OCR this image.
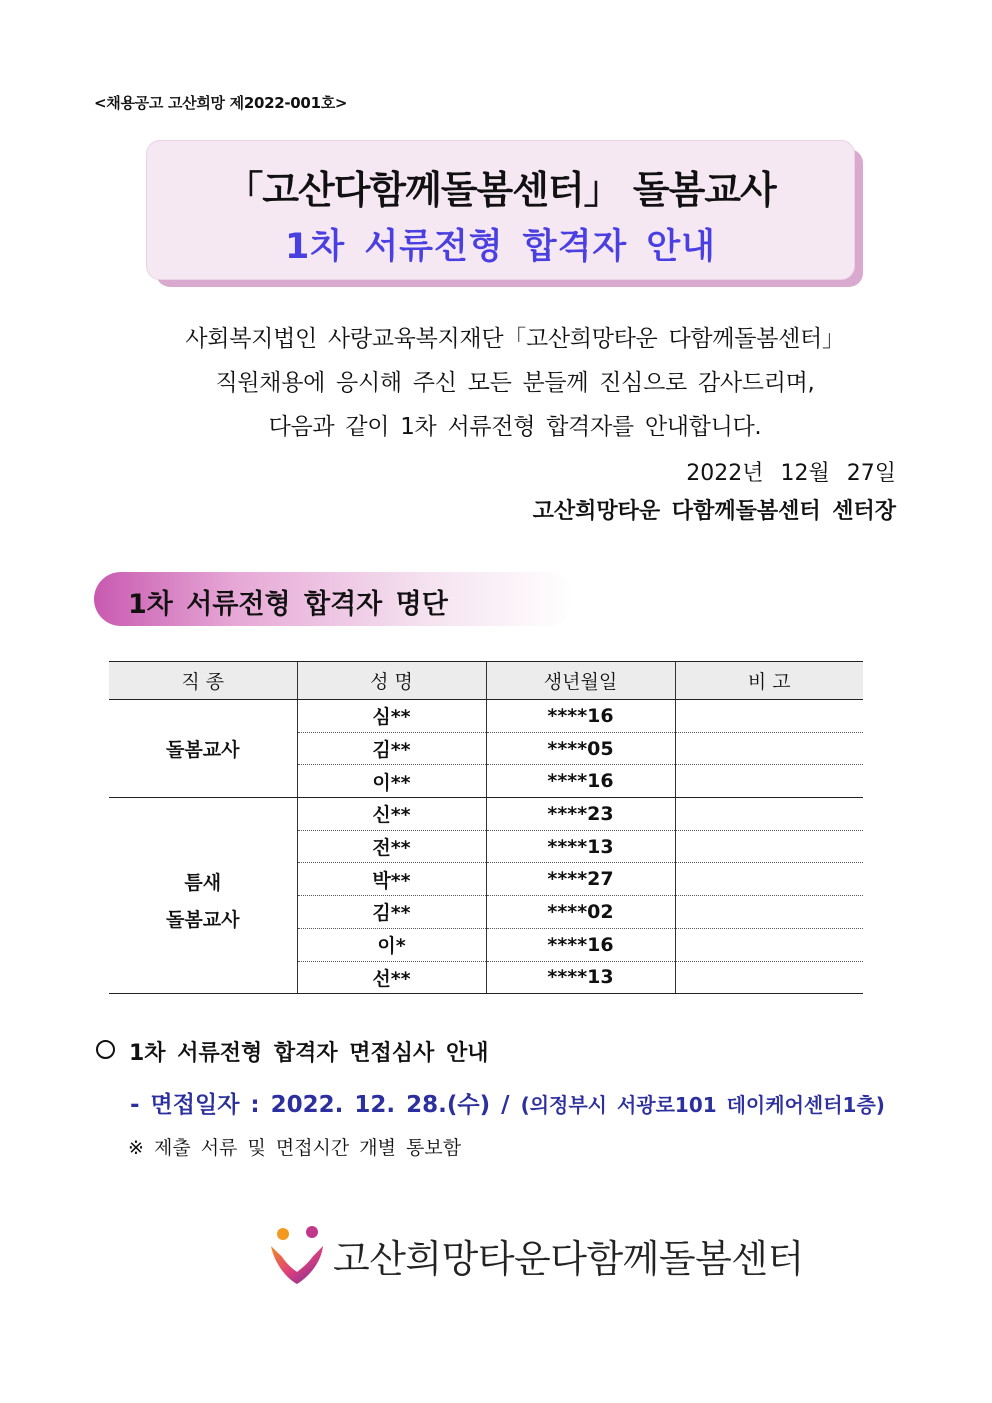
<채용공고 고산희망 제2022-001호>
「고산다함께돌봄센터」 돌봄교사
1차 서류전형 합격자 안내
사회복지법인 사랑교육복지재단「고산희망타운 다함께돌봄센터」
직원채용에 응시해 주신 모든 분들께 진심으로 감사드리며,
다음과 같이 1차 서류전형 합격자를 안내합니다.
2022년 12월 27일
고산희망타운 다함께돌봄센터 센터장
1차 서류전형 합격자 명단
직 종	성 명	생년월일	비 고

돌봄교사	심**	****16	
	김**	****05	
	이**	****16	

틈새
돌봄교사	신**	****23	
	전**	****13	
	박**	****27	
	김**	****02	
	이*	****16	
	선**	****13	
1차 서류전형 합격자 면접심사 안내
- 면접일자 : 2022. 12. 28.(수) / (의정부시 서광로101 데이케어센터1층)
※ 제출 서류 및 면접시간 개별 통보함
고산희망타운다함께돌봄센터
